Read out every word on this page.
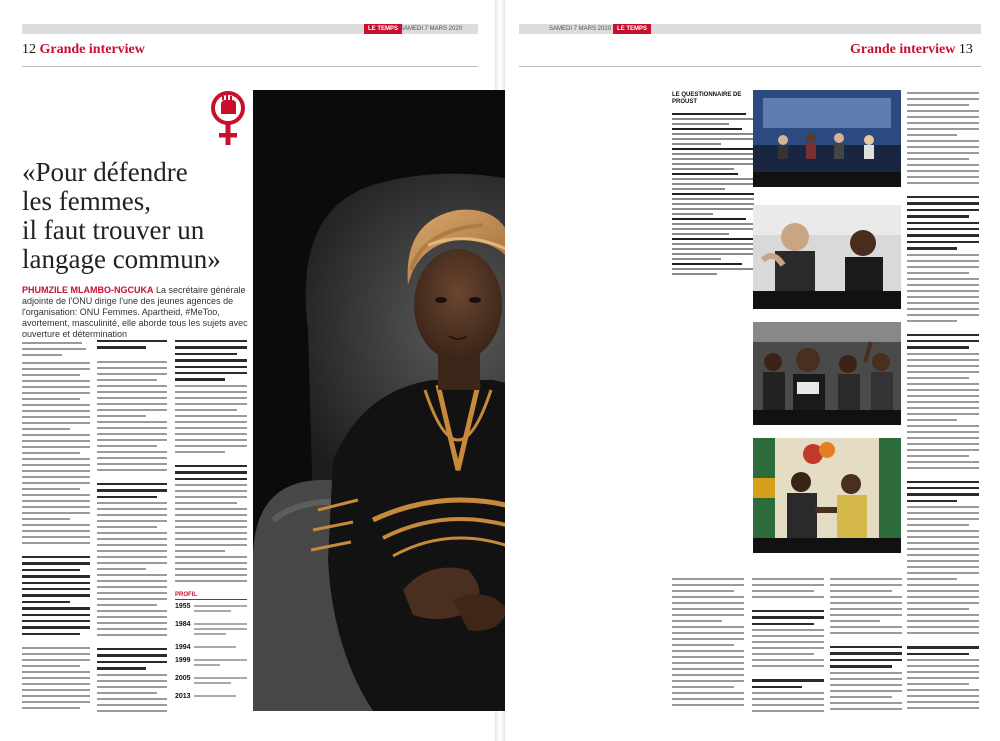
LE TEMPS SAMEDI 7 MARS 2020
12 Grande interview
«Pour défendre
les femmes,
il faut trouver un
langage commun»
PHUMZILE MLAMBO-NGCUKA La secrétaire générale adjointe de l'ONU dirige l'une des jeunes agences de l'organisation: ONU Femmes. Apartheid, #MeToo, avortement, masculinité, elle aborde tous les sujets avec ouverture et détermination
PROFIL
1955
1984
1994
1999
2005
2013
SAMEDI 7 MARS 2020 LE TEMPS
Grande interview 13
LE QUESTIONNAIRE DE PROUST
